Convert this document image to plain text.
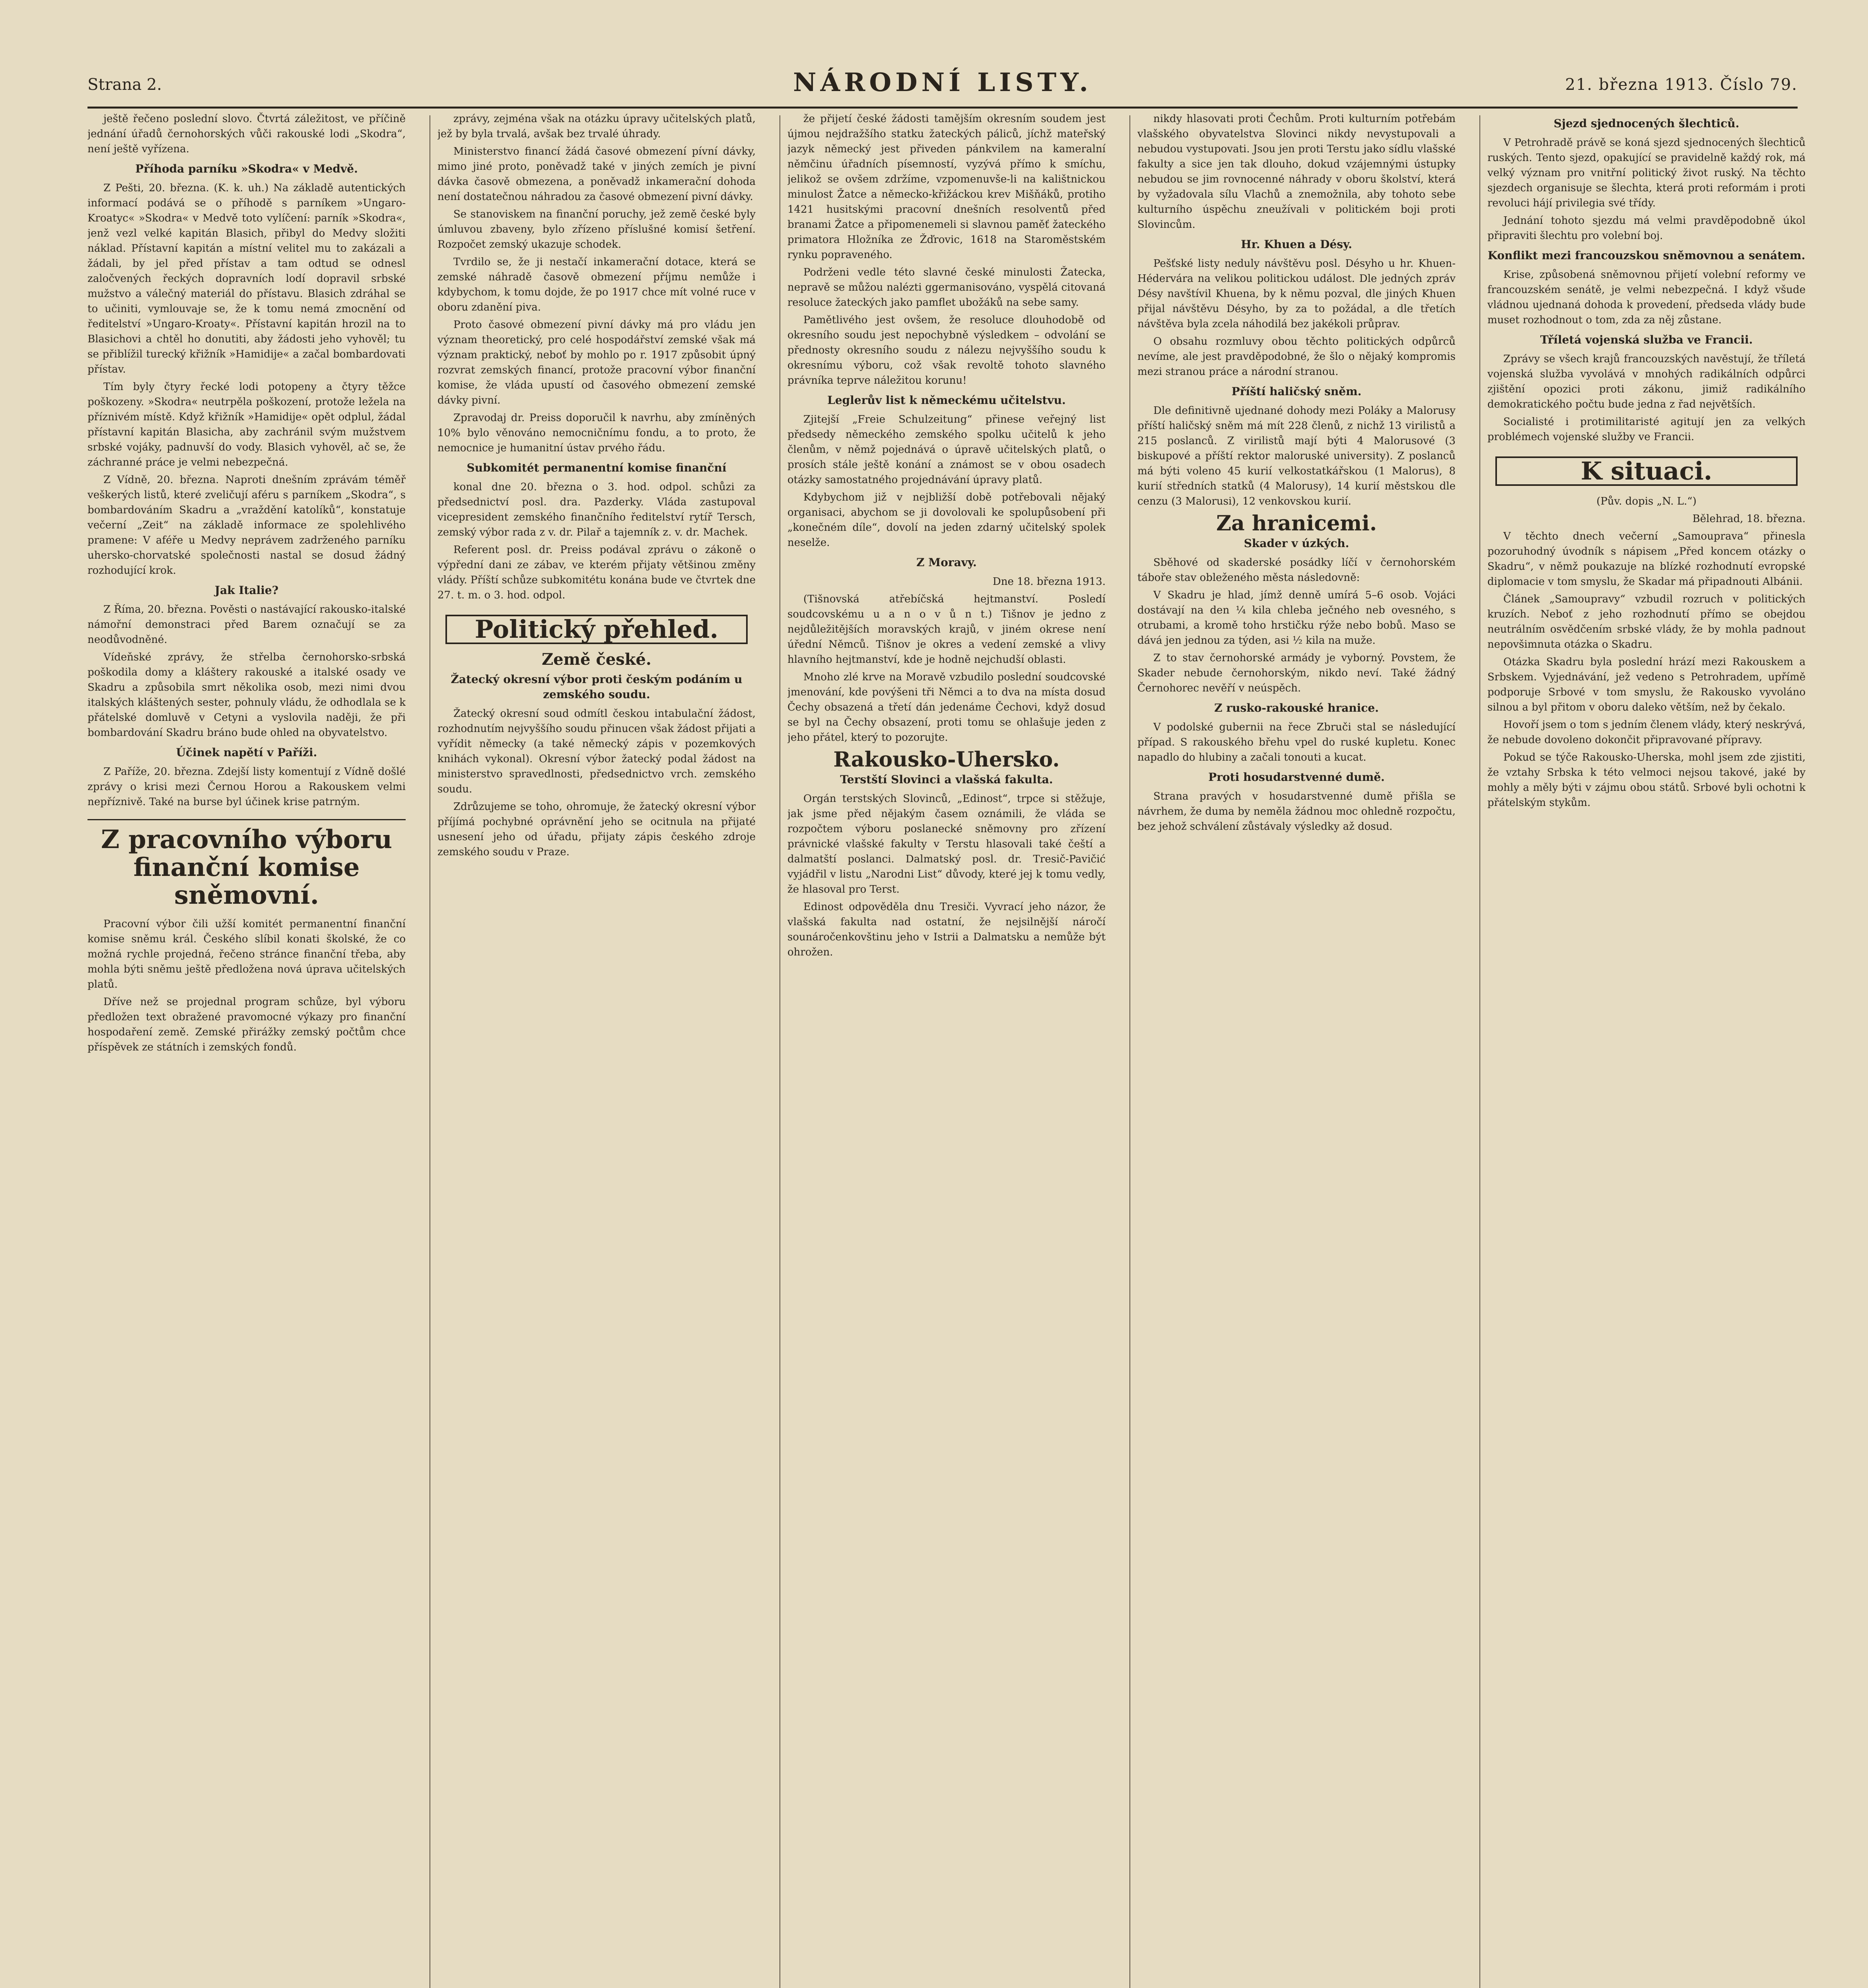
Strana 2.	NÁRODNÍ LISTY.	21. března 1913. Číslo 79.

ještě řečeno poslední slovo. Čtvrtá záležitost, ve příčině jednání úřadů černohorských vůči rakouské lodi „Skodra“, není ještě vyřízena.

Příhoda parníku »Skodra« v Medvě.

Z Pešti, 20. března. (K. k. uh.) Na základě autentických informací podává se o příhodě s parníkem »Ungaro-Kroatyc« »Skodra« v Medvě toto vylíčení: parník »Skodra«, jenž vezl velké kapitán Blasich, přibyl do Medvy složiti náklad. Přístavní kapitán a místní velitel mu to zakázali a žádali, by jel před přístav a tam odtud se odnesl zaločvených řeckých dopravních lodí dopravil srbské mužstvo a válečný materiál do přístavu. Blasich zdráhal se to učiniti, vymlouvaje se, že k tomu nemá zmocnění od ředitelství »Ungaro-Kroaty«. Přístavní kapitán hrozil na to Blasichovi a chtěl ho donutiti, aby žádosti jeho vyhověl; tu se přiblížil turecký křižník »Hamidije« a začal bombardovati přístav.

Tím byly čtyry řecké lodi potopeny a čtyry těžce poškozeny. »Skodra« neutrpěla poškození, protože ležela na přízniv​ém místě. Když křižník »Hamidije« opět odplul, žádal přístavní kapitán Blasicha, aby zachránil svým mužstvem srbské vojáky, padnuvší do vody. Blasich vyhověl, ač se, že záchranné práce je velmi nebezpečná.

Z Vídně, 20. března. Naproti dnešním zprávám téměř veškerých listů, které zveličují aféru s parníkem „Skodra“, s bombardováním Skadru a „vraždění katolíků“, konstatuje večerní „Zeit“ na základě informace ze spolehlivého pramene: V aféře u Medvy neprávem zadrženého parníku uhersko-chorvatské společnosti nastal se dosud žádný rozhodující krok.

Jak Italie?

Z Říma, 20. března. Pověsti o nastávající rakousko-italské námořní demonstraci před Barem označují se za neodůvodněné.

Vídeňské zprávy, že střelba černohorsko-srbská poškodila domy a kláštery rakouské a italské osady ve Skadru a způsobila smrt několika osob, mezi nimi dvou italských kláštených sester, pohnuly vládu, že odhodlala se k přátelské domluvě v Cetyni a vyslovila naději, že při bombardování Skadru bráno bude ohled na obyvatelstvo.

Účinek napětí v Paříži.

Z Paříže, 20. března. Zdejší listy komentují z Vídně došlé zprávy o krisi mezi Černou Horou a Rakouskem velmi nepříznivě. Také na burse byl účinek krise patrným.

Z pracovního výboru finanční komise sněmovní.

Pracovní výbor čili užší komitét permanentní finanční komise sněmu král. Českého slíbil konati školské, že co možná rychle projedná, řečeno stránce finanční třeba, aby mohla býti sněmu ještě předložena nová úprava učitelských platů.

Dříve než se projednal program schůze, byl výboru předložen text obražené pravomocné výkazy pro finanční hospodaření země. Zemské přirážky zemský počtům chce příspěvek ze státních i zemských fondů.

zprávy, zejména však na otázku úpravy učitelských platů, jež by byla trvalá, avšak bez trvalé úhrady.

Ministerstvo financí žádá časové obmezení pívní dávky, mimo jiné proto, poněvadž také v jiných zemích je pivní dávka časově obmezena, a poněvadž inkamerační dohoda není dostatečnou náhradou za časové obmezení pivní dávky.

Se stanoviskem na finanční poruchy, jež země české byly úmluvou zbaveny, bylo zřízeno příslušné komisí šetření. Rozpočet zemský ukazuje schodek.

Tvrdilo se, že ji nestačí inkamerační dotace, která se zemské náhradě časově obmezení příjmu nemůže i kdybychom, k tomu dojde, že po 1917 chce mít volné ruce v oboru zdanění piva.

Proto časové obmezení pivní dávky má pro vládu jen význam theoretický, pro celé hospodářství zemské však má význam praktický, neboť by mohlo po r. 1917 způsobit úpný rozvrat zemských financí, protože pracovní výbor finanční komise, že vláda upustí od časového obmezení zemské dávky pivní.

Zpravodaj dr. Preiss doporučil k navrhu, aby zmíněných 10% bylo věnováno nemocničnímu fondu, a to proto, že nemocnice je humanitní ústav prvého řádu.

Subkomitét permanentní komise finanční

konal dne 20. března o 3. hod. odpol. schůzi za předsednictví posl. dra. Pazderky. Vláda zastupoval vicepresident zemského finančního ředitelství rytíř Tersch, zemský výbor rada z v. dr. Pilař a tajemník z. v. dr. Machek.

Referent posl. dr. Preiss podával zprávu o zákoně o výpřední dani ze zábav, ve kterém přijaty většinou změny vlády. Příští schůze subkomitétu konána bude ve čtvrtek dne 27. t. m. o 3. hod. odpol.

Politický přehled.
Země české.
Žatecký okresní výbor proti českým podáním u zemského soudu.

Žatecký okresní soud odmítl českou intabulační žádost, rozhodnutím nejvyššího soudu přinucen však žádost přijati a vyřídit německy (a také německý zápis v pozemkových knihách vykonal). Okresní výbor žatecký podal žádost na ministerstvo spravedlnosti, předsednictvo vrch. zemského soudu.

Zdrůzujeme se toho, ohromuje, že žatecký okresní výbor příjímá pochybné oprávnění jeho se ocitnula na přijaté usnesení jeho od úřadu, přijaty zápis českého zdroje zemského soudu v Praze.

že přijetí české žádosti tamějším okresním soudem jest újmou nejdražšího statku žateckých páliců, jíchž mateřský jazyk německý jest přiveden pánkvilem na kameralní němčinu úřadních písemností, vyzývá přímo k smíchu, jelikož se ovšem zdržíme, vzpomenuvše-li na kalištnickou minulost Žatce a německo-křižáckou krev Mišňáků, protiho 1421 husitskými pracovní dnešních resolventů před branami Žatce a připomenemeli si slavnou paměť žateckého primatora Hložníka ze Žďrovic, 1618 na Staroměstském rynku popraveného.

Podrženi vedle této slavné české minulosti Žatecka, nepravě se můžou nalézti ggermanisováno, vyspělá citovaná resoluce žateckých jako pamflet ubožáků na sebe samy.

Pamětlivého jest ovšem, že resoluce dlouhodobě od okresního soudu jest nepochybně výsledkem – odvolání se přednosty okresního soudu z nálezu nejvyššího soudu k okresnímu výboru, což však revoltě tohoto slavného právníka teprve náležitou korunu!

Leglerův list k německému učitelstvu.

Zjitejší „Freie Schulzeitung“ přinese veřejný list předsedy německého zemského spolku učitelů k jeho členům, v němž pojednává o úpravě učitelských platů, o prosích stále ještě konání a známost se v obou osadech otázky samostatného projednávání úpravy platů.

Kdybychom již v nejbližší době potřebovali nějaký organisaci, abychom se ji dovolovali ke spolupůsobení při „konečném díle“, dovolí na jeden zdarný učitelský spolek neselže.

Z Moravy.
Dne 18. března 1913.

(Tišnovská atřebíčská hejtmanství. Posledí soudcovskému u a n o v ů n t.) Tišnov je jedno z nejdůležitějších moravských krajů, v jiném okrese není úřední Němců. Tišnov je okres a vedení zemské a vlivy hlavního hejtmanství, kde je hodně nejchudší oblasti.

Mnoho zlé krve na Moravě vzbudilo poslední soudcovské jmenování, kde povýšeni tři Němci a to dva na místa dosud Čechy obsazená a třetí dán jedenáme Čechovi, když dosud se byl na Čechy obsazení, proti tomu se ohlašuje jeden z jeho přátel, který to pozorujte.

Rakousko-Uhersko.
Terstští Slovinci a vlašská fakulta.

Orgán terstských Slovinců, „Edinost“, trpce si stěžuje, jak jsme před nějakým časem oznámili, že vláda se rozpočtem výboru poslanecké sněmovny pro zřízení právnické vlašské fakulty v Terstu hlasovali také čeští a dalmatští poslanci. Dalmatský posl. dr. Tresič-Pavičić vyjádřil v listu „Narodni List“ důvody, které jej k tomu vedly, že hlasoval pro Terst.

Edinost odpověděla dnu Tresiči. Vyvrací jeho názor, že vlašská fakulta nad ostatní, že nejsilnější náročí sounáročenkovštinu jeho v Istrii a Dalmatsku a nemůže být ohrožen.

nikdy hlasovati proti Čechům. Proti kulturním potřebám vlašského obyvatelstva Slovinci nikdy nevystupovali a nebudou vystupovati. Jsou jen proti Terstu jako sídlu vlašské fakulty a sice jen tak dlouho, dokud vzájemnými ústupky nebudou se jim rovnocenné náhrady v oboru školství, která by vyžadovala sílu Vlachů a znemožnila, aby tohoto sebe kulturního úspěchu zneužívali v politickém boji proti Slovincům.

Hr. Khuen a Désy.

Pešťské listy neduly návštěvu posl. Désyho u hr. Khuen-Hédervára na velikou politickou událost. Dle jedných zpráv Désy navštívil Khuena, by k němu pozval, dle jiných Khuen přijal návštěvu Désyho, by za to požádal, a dle třetích návštěva byla zcela náhodilá bez jakékoli průprav.

O obsahu rozmluvy obou těchto politických odpůrců nevíme, ale jest pravděpodobné, že šlo o nějaký kompromis mezi stranou práce a národní stranou.

Příští haličský sněm.

Dle definitivně ujednané dohody mezi Poláky a Malorusy příští haličský sněm má mít 228 členů, z nichž 13 virilistů a 215 poslanců. Z virilistů mají býti 4 Malorusové (3 biskupové a příští rektor maloruské university). Z poslanců má býti voleno 45 kurií velkostatkářskou (1 Malorus), 8 kurií středních statků (4 Malorusy), 14 kurií městskou dle cenzu (3 Malorusi), 12 venkovskou kurií.

Za hranicemi.
Skader v úzkých.

Sběhové od skaderské posádky líčí v černohorském táboře stav obleženého města následovně:

V Skadru je hlad, jímž denně umírá 5–6 osob. Vojáci dostávají na den ¼ kila chleba ječného neb ovesného, s otrubami, a kromě toho hrstičku rýže nebo bobů. Maso se dává jen jednou za týden, asi ½ kila na muže.

Z to stav černohorské armády je vyborný. Povstem, že Skader nebude černohorským, nikdo neví. Také žádný Černohorec nevěří v neúspěch.

Z rusko-rakouské hranice.

V podolské gubernii na řece Zbruči stal se následující případ. S rakouského břehu vpel do ruské kupletu. Konec napadlo do hlubiny a začali tonouti a kucat.

Proti hosudarstvenné dumě.

Strana pravých v hosudarstvenné dumě přišla se návrhem, že duma by neměla žádnou moc ohledně rozpočtu, bez jehož schválení zůstávaly výsledky až dosud.

Sjezd sjednocených šlechticů.

V Petrohradě právě se koná sjezd sjednocených šlechticů ruských. Tento sjezd, opakující se pravidelně každý rok, má velký význam pro vnitřní politický život ruský. Na těchto sjezdech organisuje se šlechta, která proti reformám i proti revoluci hájí privilegia své třídy.

Jednání tohoto sjezdu má velmi pravděpodobně úkol připraviti šlechtu pro volební boj.

Konflikt mezi francouzskou sněmovnou a senátem.

Krise, způsobená sněmovnou přijetí volební reformy ve francouzském senátě, je velmi nebezpečná. I když všude vládnou ujednaná dohoda k provedení, předseda vlády bude muset rozhodnout o tom, zda za něj zůstane.

Tříletá vojenská služba ve Francii.

Zprávy se všech krajů francouzských navěstují, že tříletá vojenská služba vyvolává v mnohých radikálních odpůrci zjištění opozici proti zákonu, jimiž radikálního demokratického počtu bude jedna z řad největších.

Socialisté i protimilitaristé agitují jen za velkých problémech vojenské služby ve Francii.

K situaci.
(Pův. dopis „N. L.“)
Bělehrad, 18. března.

V těchto dnech večerní „Samouprava“ přinesla pozoruhodný úvodník s nápisem „Před koncem otázky o Skadru“, v němž poukazuje na blízké rozhodnutí evropské diplomacie v tom smyslu, že Skadar má připadnouti Albánii.

Článek „Samoupravy“ vzbudil rozruch v politických kruzích. Neboť z jeho rozhodnutí přímo se obejdou neutrálním osvědčením srbské vlády, že by mohla padnout nepovšimnuta otázka o Skadru.

Otázka Skadru byla poslední hrází mezi Rakouskem a Srbskem. Vyjednávání, jež vedeno s Petrohradem, upřímě podporuje Srbové v tom smyslu, že Rakousko vyvoláno silnou a byl přitom v oboru daleko větším, než by čekalo.

Hovoří jsem o tom s jedním členem vlády, který neskrývá, že nebude dovoleno dokončit připravované přípravy.

Pokud se týče Rakousko-Uherska, mohl jsem zde zjistiti, že vztahy Srbska k této velmoci nejsou takové, jaké by mohly a měly býti v zájmu obou států. Srbové byli ochotni k přátelským stykům.
